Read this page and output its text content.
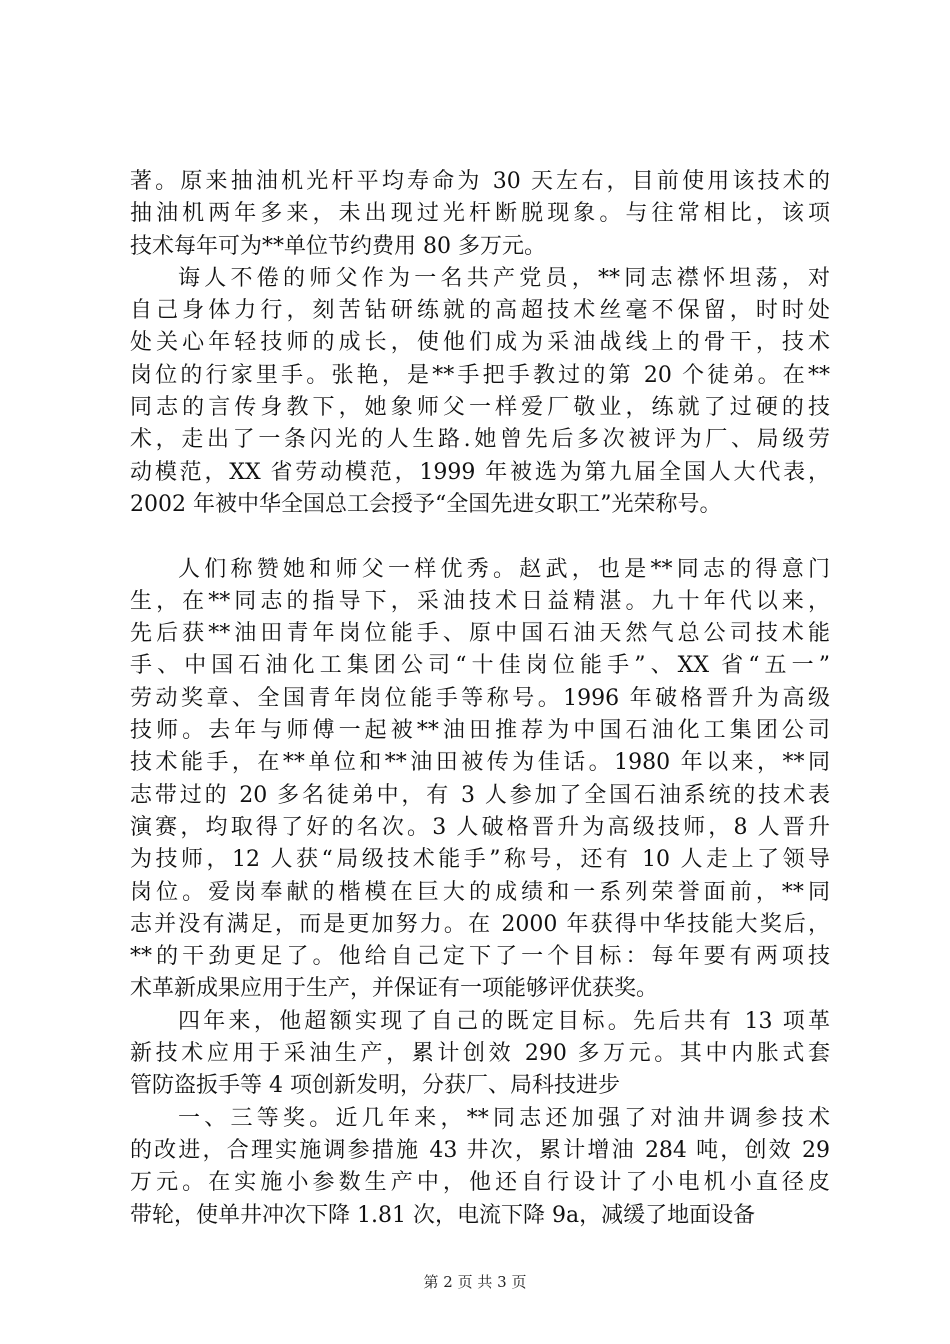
著。原来抽油机光杆平均寿命为 30 天左右，目前使用该技术的
抽油机两年多来，未出现过光杆断脱现象。与往常相比，该项
技术每年可为**单位节约费用 80 多万元。
诲人不倦的师父作为一名共产党员，**同志襟怀坦荡，对
自己身体力行，刻苦钻研练就的高超技术丝毫不保留，时时处
处关心年轻技师的成长，使他们成为采油战线上的骨干，技术
岗位的行家里手。张艳，是**手把手教过的第 20 个徒弟。在**
同志的言传身教下，她象师父一样爱厂敬业，练就了过硬的技
术，走出了一条闪光的人生路.她曾先后多次被评为厂、局级劳
动模范，XX 省劳动模范，1999 年被选为第九届全国人大代表，
2002 年被中华全国总工会授予“全国先进女职工”光荣称号。
人们称赞她和师父一样优秀。赵武，也是**同志的得意门
生，在**同志的指导下，采油技术日益精湛。九十年代以来，
先后获**油田青年岗位能手、原中国石油天然气总公司技术能
手、中国石油化工集团公司“十佳岗位能手”、XX 省“五一”
劳动奖章、全国青年岗位能手等称号。1996 年破格晋升为高级
技师。去年与师傅一起被**油田推荐为中国石油化工集团公司
技术能手，在**单位和**油田被传为佳话。1980 年以来，**同
志带过的 20 多名徒弟中，有 3 人参加了全国石油系统的技术表
演赛，均取得了好的名次。3 人破格晋升为高级技师，8 人晋升
为技师，12 人获“局级技术能手”称号，还有 10 人走上了领导
岗位。爱岗奉献的楷模在巨大的成绩和一系列荣誉面前，**同
志并没有满足，而是更加努力。在 2000 年获得中华技能大奖后，
**的干劲更足了。他给自己定下了一个目标：每年要有两项技
术革新成果应用于生产，并保证有一项能够评优获奖。
四年来，他超额实现了自己的既定目标。先后共有 13 项革
新技术应用于采油生产，累计创效 290 多万元。其中内胀式套
管防盗扳手等 4 项创新发明，分获厂、局科技进步
一、三等奖。近几年来，**同志还加强了对油井调参技术
的改进，合理实施调参措施 43 井次，累计增油 284 吨，创效 29
万元。在实施小参数生产中，他还自行设计了小电机小直径皮
带轮，使单井冲次下降 1.81 次，电流下降 9a，减缓了地面设备
第 2 页 共 3 页
